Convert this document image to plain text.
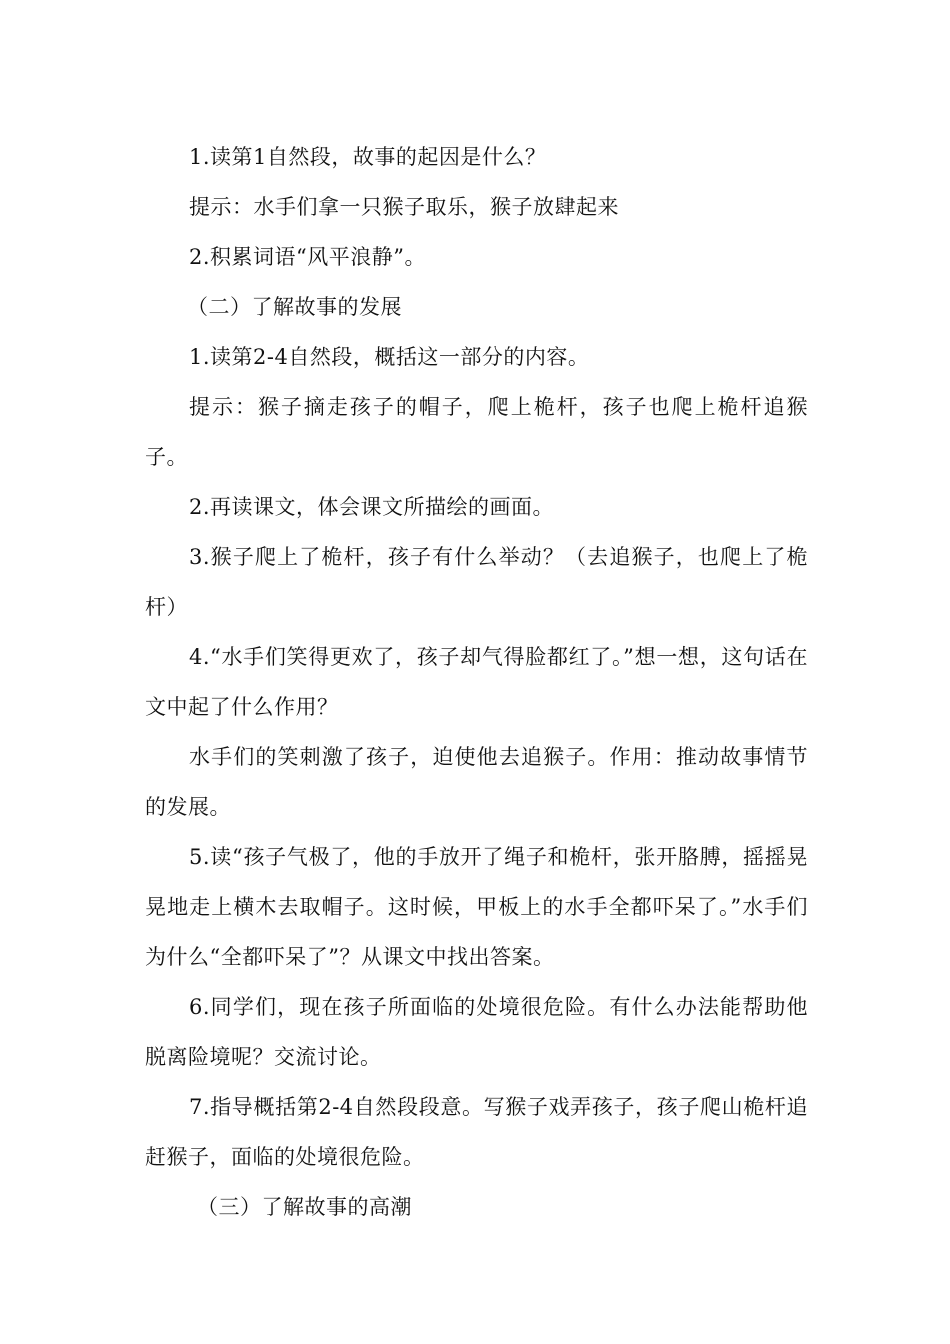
1.读第1自然段，故事的起因是什么？

提示：水手们拿一只猴子取乐，猴子放肆起来

2.积累词语“风平浪静”。

（二）了解故事的发展

1.读第2-4自然段，概括这一部分的内容。

提示：猴子摘走孩子的帽子，爬上桅杆，孩子也爬上桅杆追猴子。

2.再读课文，体会课文所描绘的画面。

3.猴子爬上了桅杆，孩子有什么举动？（去追猴子，也爬上了桅杆）

4.“水手们笑得更欢了，孩子却气得脸都红了。”想一想，这句话在文中起了什么作用？

水手们的笑刺激了孩子，迫使他去追猴子。作用：推动故事情节的发展。

5.读“孩子气极了，他的手放开了绳子和桅杆，张开胳膊，摇摇晃晃地走上横木去取帽子。这时候，甲板上的水手全都吓呆了。”水手们为什么“全都吓呆了”？从课文中找出答案。

6.同学们，现在孩子所面临的处境很危险。有什么办法能帮助他脱离险境呢？交流讨论。

7.指导概括第2-4自然段段意。写猴子戏弄孩子，孩子爬山桅杆追赶猴子，面临的处境很危险。

（三）了解故事的高潮
